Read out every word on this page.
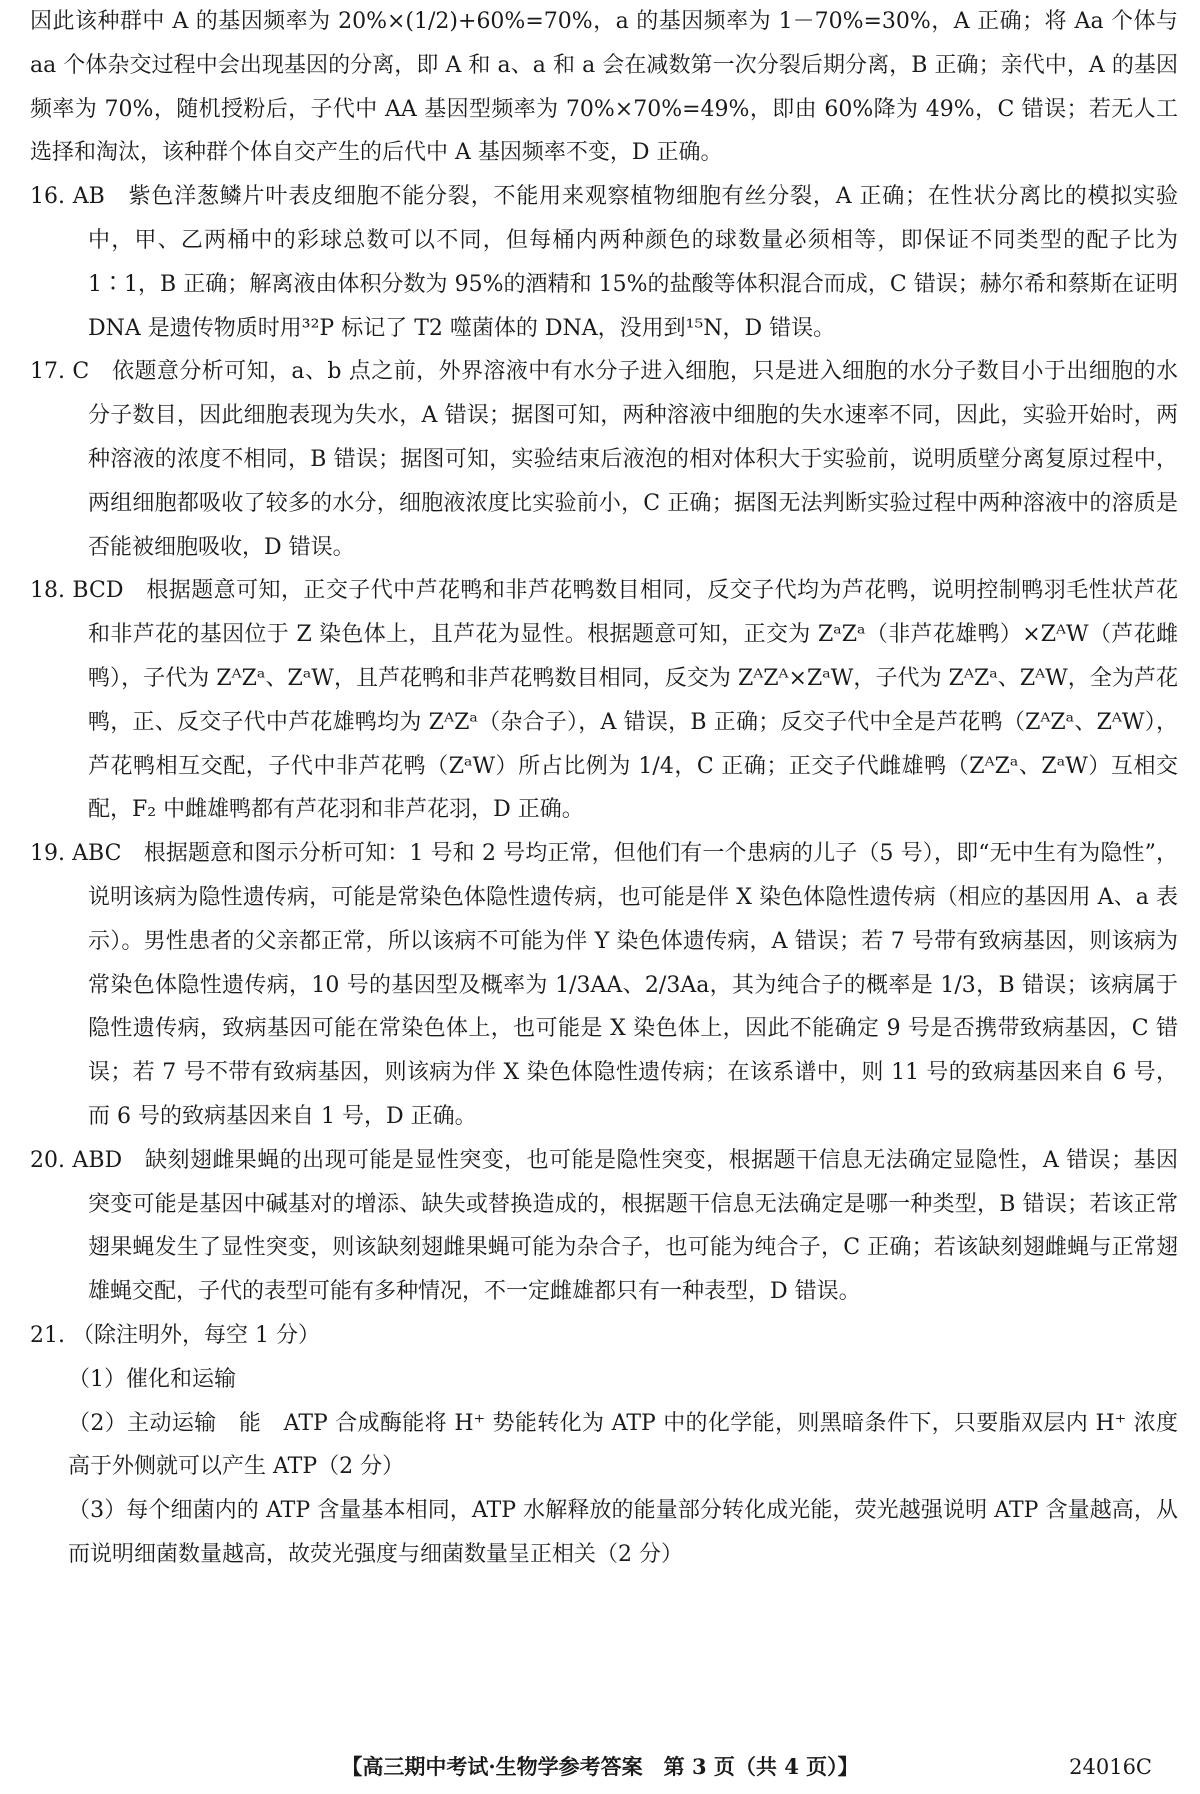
因此该种群中 A 的基因频率为 20%×(1/2)+60%=70%，a 的基因频率为 1－70%=30%，A 正确；将 Aa 个体与 aa 个体杂交过程中会出现基因的分离，即 A 和 a、a 和 a 会在减数第一次分裂后期分离，B 正确；亲代中，A 的基因频率为 70%，随机授粉后，子代中 AA 基因型频率为 70%×70%=49%，即由 60%降为 49%，C 错误；若无人工选择和淘汰，该种群个体自交产生的后代中 A 基因频率不变，D 正确。

16. AB　紫色洋葱鳞片叶表皮细胞不能分裂，不能用来观察植物细胞有丝分裂，A 正确；在性状分离比的模拟实验中，甲、乙两桶中的彩球总数可以不同，但每桶内两种颜色的球数量必须相等，即保证不同类型的配子比为 1∶1，B 正确；解离液由体积分数为 95%的酒精和 15%的盐酸等体积混合而成，C 错误；赫尔希和蔡斯在证明 DNA 是遗传物质时用³²P 标记了 T2 噬菌体的 DNA，没用到¹⁵N，D 错误。

17. C　依题意分析可知，a、b 点之前，外界溶液中有水分子进入细胞，只是进入细胞的水分子数目小于出细胞的水分子数目，因此细胞表现为失水，A 错误；据图可知，两种溶液中细胞的失水速率不同，因此，实验开始时，两种溶液的浓度不相同，B 错误；据图可知，实验结束后液泡的相对体积大于实验前，说明质壁分离复原过程中，两组细胞都吸收了较多的水分，细胞液浓度比实验前小，C 正确；据图无法判断实验过程中两种溶液中的溶质是否能被细胞吸收，D 错误。

18. BCD　根据题意可知，正交子代中芦花鸭和非芦花鸭数目相同，反交子代均为芦花鸭，说明控制鸭羽毛性状芦花和非芦花的基因位于 Z 染色体上，且芦花为显性。根据题意可知，正交为 ZᵃZᵃ（非芦花雄鸭）×ZᴬW（芦花雌鸭），子代为 ZᴬZᵃ、ZᵃW，且芦花鸭和非芦花鸭数目相同，反交为 ZᴬZᴬ×ZᵃW，子代为 ZᴬZᵃ、ZᴬW，全为芦花鸭，正、反交子代中芦花雄鸭均为 ZᴬZᵃ（杂合子），A 错误，B 正确；反交子代中全是芦花鸭（ZᴬZᵃ、ZᴬW），芦花鸭相互交配，子代中非芦花鸭（ZᵃW）所占比例为 1/4，C 正确；正交子代雌雄鸭（ZᴬZᵃ、ZᵃW）互相交配，F₂ 中雌雄鸭都有芦花羽和非芦花羽，D 正确。

19. ABC　根据题意和图示分析可知：1 号和 2 号均正常，但他们有一个患病的儿子（5 号），即“无中生有为隐性”，说明该病为隐性遗传病，可能是常染色体隐性遗传病，也可能是伴 X 染色体隐性遗传病（相应的基因用 A、a 表示）。男性患者的父亲都正常，所以该病不可能为伴 Y 染色体遗传病，A 错误；若 7 号带有致病基因，则该病为常染色体隐性遗传病，10 号的基因型及概率为 1/3AA、2/3Aa，其为纯合子的概率是 1/3，B 错误；该病属于隐性遗传病，致病基因可能在常染色体上，也可能是 X 染色体上，因此不能确定 9 号是否携带致病基因，C 错误；若 7 号不带有致病基因，则该病为伴 X 染色体隐性遗传病；在该系谱中，则 11 号的致病基因来自 6 号，而 6 号的致病基因来自 1 号，D 正确。

20. ABD　缺刻翅雌果蝇的出现可能是显性突变，也可能是隐性突变，根据题干信息无法确定显隐性，A 错误；基因突变可能是基因中碱基对的增添、缺失或替换造成的，根据题干信息无法确定是哪一种类型，B 错误；若该正常翅果蝇发生了显性突变，则该缺刻翅雌果蝇可能为杂合子，也可能为纯合子，C 正确；若该缺刻翅雌蝇与正常翅雄蝇交配，子代的表型可能有多种情况，不一定雌雄都只有一种表型，D 错误。

21. （除注明外，每空 1 分）

（1）催化和运输

（2）主动运输　能　ATP 合成酶能将 H⁺ 势能转化为 ATP 中的化学能，则黑暗条件下，只要脂双层内 H⁺ 浓度高于外侧就可以产生 ATP（2 分）

（3）每个细菌内的 ATP 含量基本相同，ATP 水解释放的能量部分转化成光能，荧光越强说明 ATP 含量越高，从而说明细菌数量越高，故荧光强度与细菌数量呈正相关（2 分）

【高三期中考试·生物学参考答案　第 3 页（共 4 页）】	24016C
